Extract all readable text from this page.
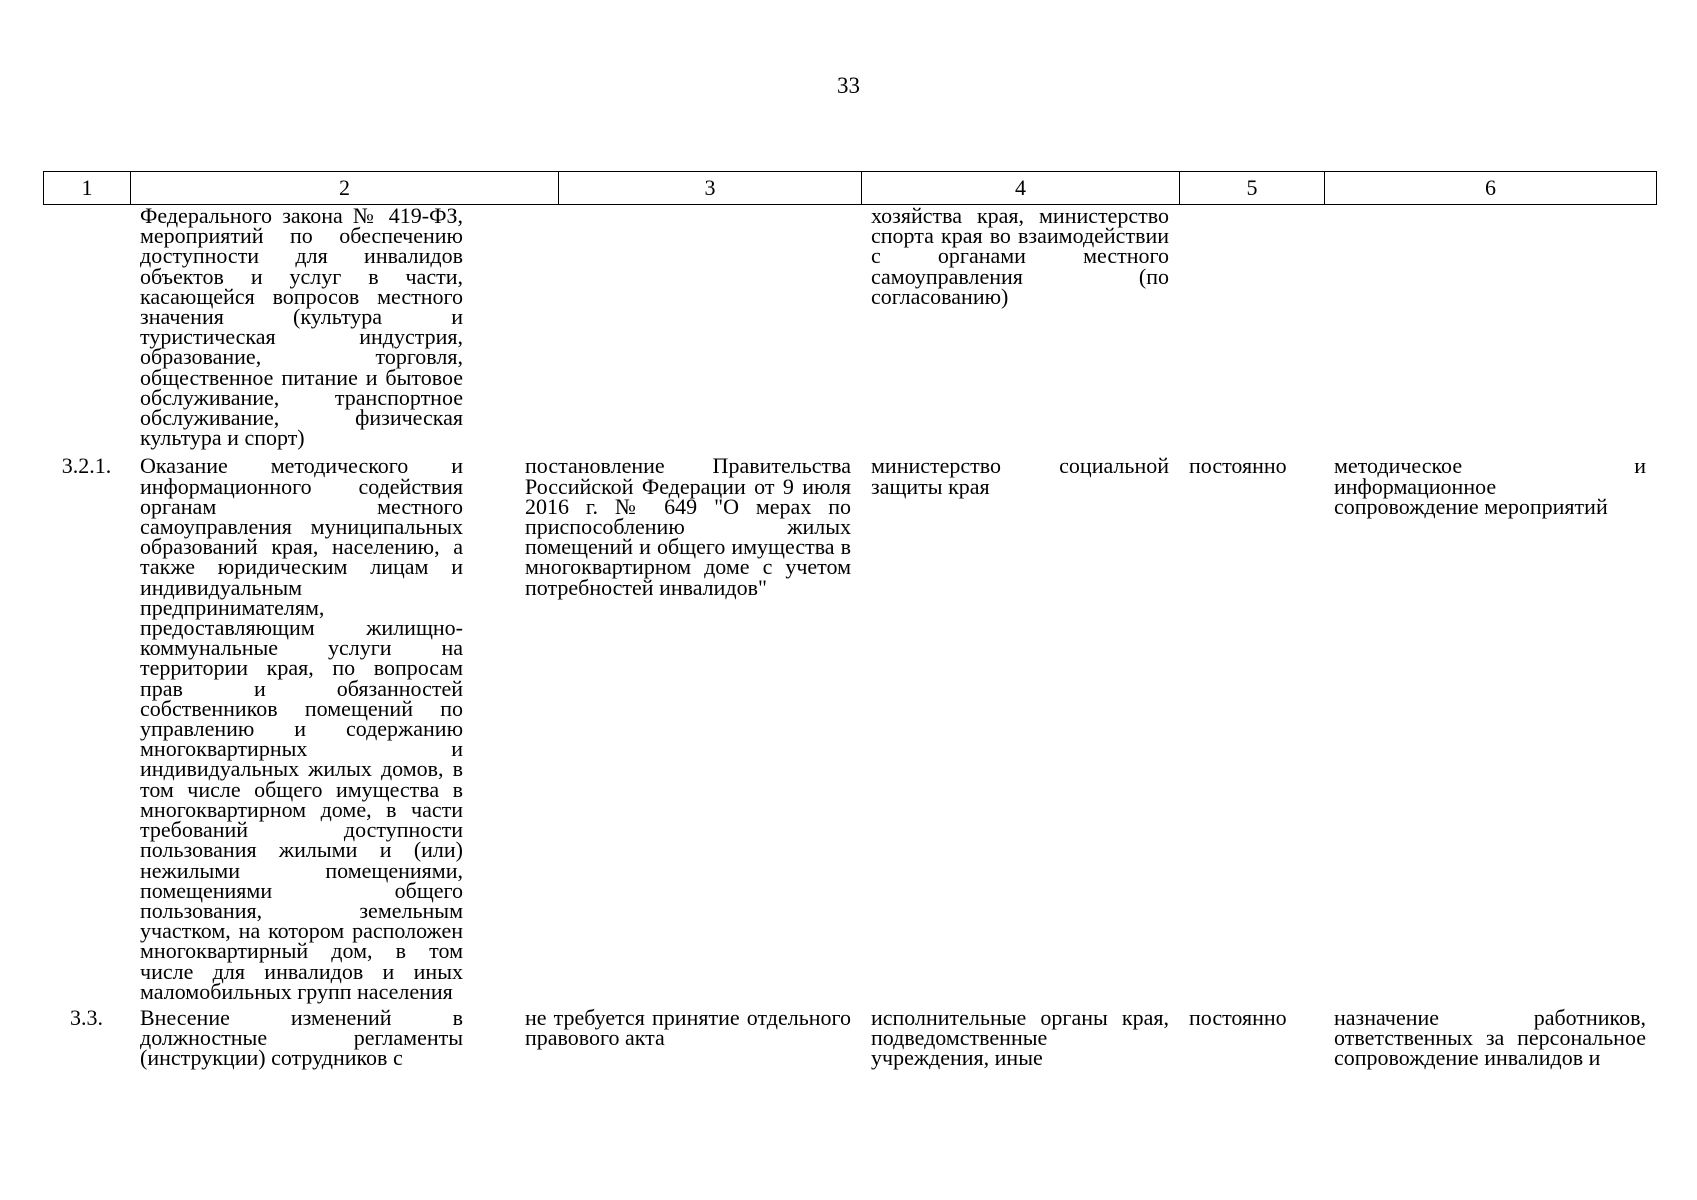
33
1	2	3	4	5	6
	Федерального закона № 419-ФЗ, мероприятий по обеспечению доступности для инвалидов объектов и услуг в части, касающейся вопросов местного значения (культура и туристическая индустрия, образование, торговля, общественное питание и бытовое обслуживание, транспортное обслуживание, физическая культура и спорт)		хозяйства края, министерство спорта края во взаимодействии с органами местного самоуправления (по согласованию)		
3.2.1.	Оказание методического и информационного содействия органам местного самоуправления муниципальных образований края, населению, а также юридическим лицам и индивидуальным предпринимателям, предоставляющим жилищно-коммунальные услуги на территории края, по вопросам прав и обязанностей собственников помещений по управлению и содержанию многоквартирных и индивидуальных жилых домов, в том числе общего имущества в многоквартирном доме, в части требований доступности пользования жилыми и (или) нежилыми помещениями, помещениями общего пользования, земельным участком, на котором расположен многоквартирный дом, в том числе для инвалидов и иных маломобильных групп населения	постановление Правительства Российской Федерации от 9 июля 2016 г. № 649 "О мерах по приспособлению жилых помещений и общего имущества в многоквартирном доме с учетом потребностей инвалидов"	министерство социальной защиты края	постоянно	методическое и информационное сопровождение мероприятий
3.3.	Внесение изменений в должностные регламенты (инструкции) сотрудников с	не требуется принятие отдельного правового акта	исполнительные органы края, подведомственные учреждения, иные	постоянно	назначение работников, ответственных за персональное сопровождение инвалидов и
